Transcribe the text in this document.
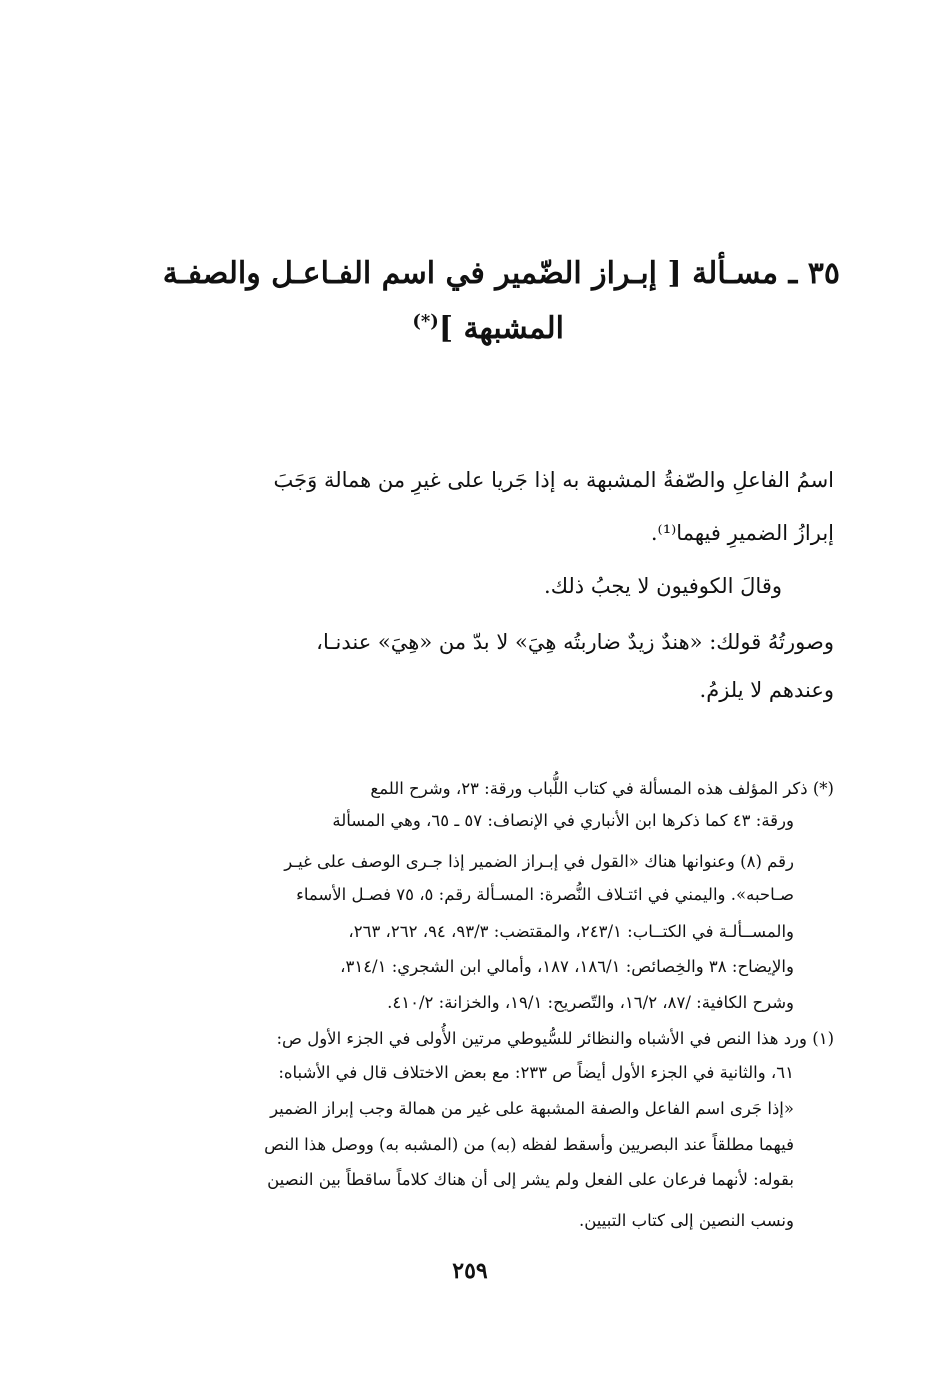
٣٥ ـ مسـألة [ إبـراز الضّمير في اسم الفـاعـل والصفـة
المشبهة ](*)
اسمُ الفاعلِ والصّفةُ المشبهة به إذا جَريا على غيرِ من همالة وَجَبَ
إبرازُ الضميرِ فيهما⁽¹⁾.
وقالَ الكوفيون لا يجبُ ذلك.
وصورتُهُ قولك: «هندٌ زيدٌ ضاربتُه هِيَ» لا بدّ من «هِيَ» عندنـا،
وعندهم لا يلزمُ.
(*) ذكر المؤلف هذه المسألة في كتاب اللُّباب ورقة: ٢٣، وشرح اللمع
ورقة: ٤٣ كما ذكرها ابن الأنباري في الإنصاف: ٥٧ ـ ٦٥، وهي المسألة
رقم (٨) وعنوانها هناك «القول في إبـراز الضمير إذا جـرى الوصف على غيـر
صـاحبه». واليمني في ائتـلاف النُّصرة: المسـألة رقم: ٥، ٧٥ فصـل الأسماء
والمســألـة في الكتــاب: ٢٤٣/١، والمقتضب: ٩٣/٣، ٩٤، ٢٦٢، ٢٦٣،
والإيضاح: ٣٨ والخِصائص: ١٨٦/١، ١٨٧، وأمالي ابن الشجري: ٣١٤/١،
وشرح الكافية: /٨٧، ١٦/٢، والتّصريح: ١٩/١، والخزانة: ٤١٠/٢.
(١) ورد هذا النص في الأشباه والنظائر للسُّيوطي مرتين الأُولى في الجزء الأول ص:
٦١، والثانية في الجزء الأول أيضاً ص ٢٣٣: مع بعض الاختلاف قال في الأشباه:
«إذا جَرى اسم الفاعل والصفة المشبهة على غير من همالة وجب إبراز الضمير
فيهما مطلقاً عند البصريين وأسقط لفظه (به) من (المشبه به) ووصل هذا النص
بقوله: لأنهما فرعان على الفعل ولم يشر إلى أن هناك كلاماً ساقطاً بين النصين
ونسب النصين إلى كتاب التبيين.
٢٥٩
